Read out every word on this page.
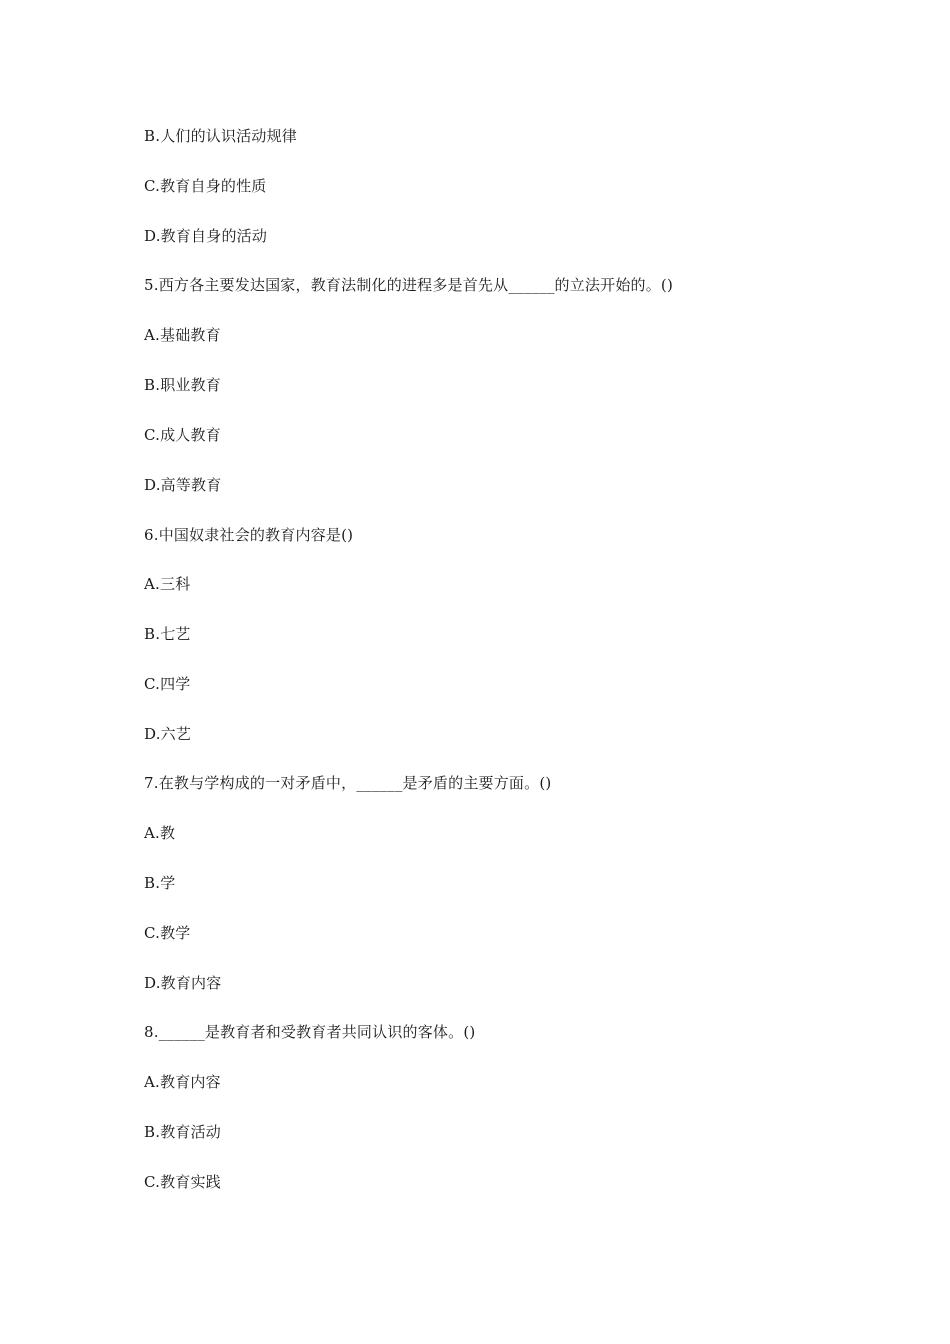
B.人们的认识活动规律
C.教育自身的性质
D.教育自身的活动
5.西方各主要发达国家，教育法制化的进程多是首先从______的立法开始的。()
A.基础教育
B.职业教育
C.成人教育
D.高等教育
6.中国奴隶社会的教育内容是()
A.三科
B.七艺
C.四学
D.六艺
7.在教与学构成的一对矛盾中，______是矛盾的主要方面。()
A.教
B.学
C.教学
D.教育内容
8.______是教育者和受教育者共同认识的客体。()
A.教育内容
B.教育活动
C.教育实践
